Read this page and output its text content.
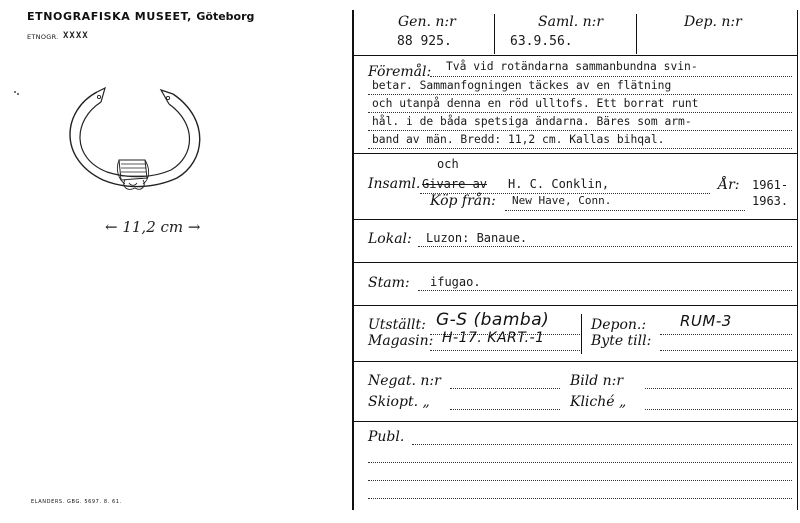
ETNOGRAFISKA MUSEET, Göteborg
ETNOGR. XXXX
← 11,2 cm →
ELANDERS. GBG. 5697. 8. 61.
Gen. n:r
88 925.
Saml. n:r
63.9.56.
Dep. n:r
Föremål: Två vid rotändarna sammanbundna svin-
betar. Sammanfogningen täckes av en flätning
och utanpå denna en röd ulltofs. Ett borrat runt
hål. i de båda spetsiga ändarna. Bäres som arm-
band av män. Bredd: 11,2 cm. Kallas bihqal.
och
Insaml. Givare av H. C. Conklin,	År: 1961-
Köp från: New Have, Conn.	1963.
Lokal: Luzon: Banaue.
Stam: ifugao.
Utställt: G-S (bamba)
Magasin: H-17. KART.-1
Depon.: RUM-3
Byte till:
Negat. n:r	Bild n:r
Skiopt. „	Kliché „
Publ.
